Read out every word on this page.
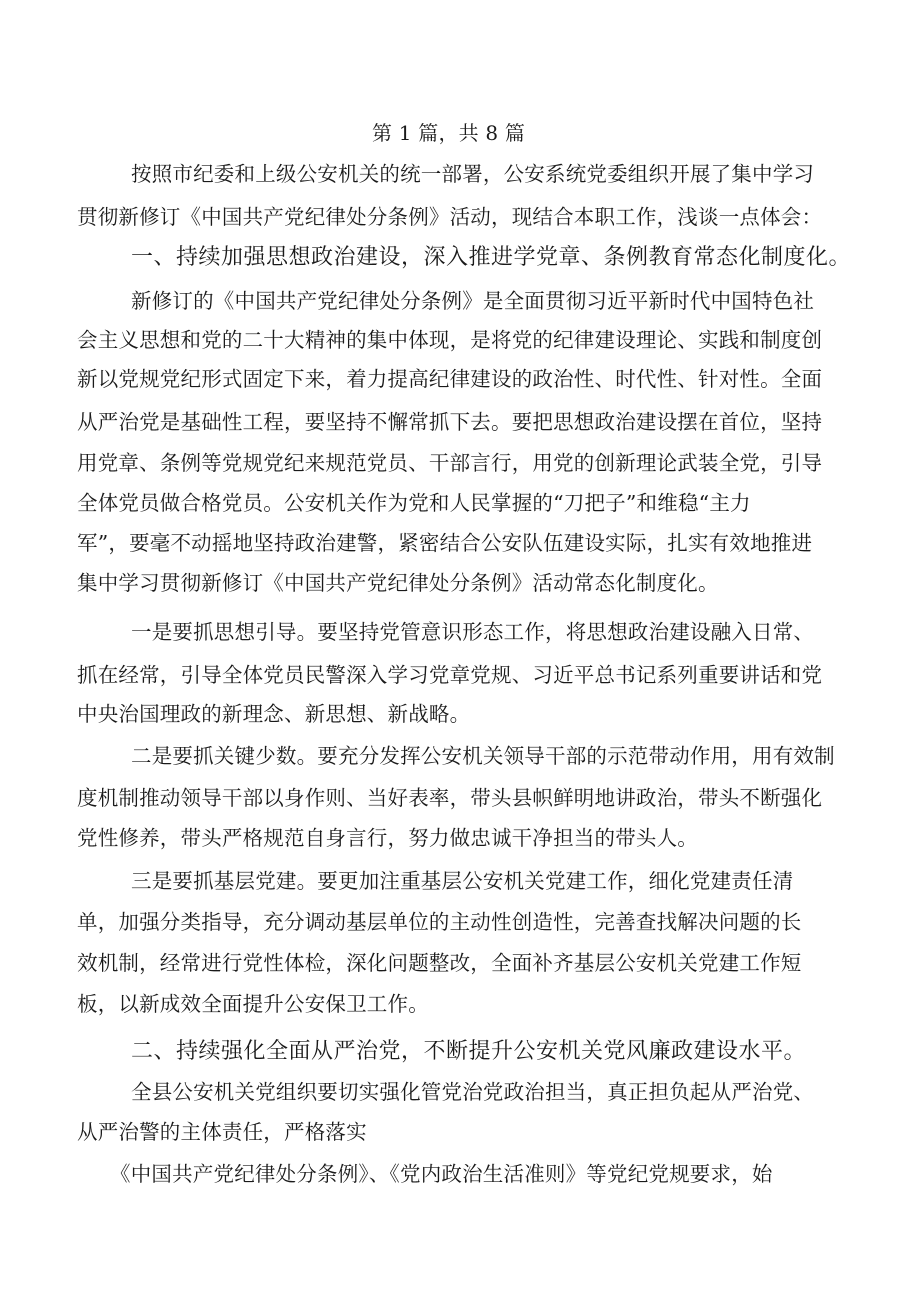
第 1 篇，共 8 篇
按照市纪委和上级公安机关的统一部署，公安系统党委组织开展了集中学习
贯彻新修订《中国共产党纪律处分条例》活动，现结合本职工作，浅谈一点体会：
一、持续加强思想政治建设，深入推进学党章、条例教育常态化制度化。
新修订的《中国共产党纪律处分条例》是全面贯彻习近平新时代中国特色社
会主义思想和党的二十大精神的集中体现，是将党的纪律建设理论、实践和制度创
新以党规党纪形式固定下来，着力提高纪律建设的政治性、时代性、针对性。全面
从严治党是基础性工程，要坚持不懈常抓下去。要把思想政治建设摆在首位，坚持
用党章、条例等党规党纪来规范党员、干部言行，用党的创新理论武装全党，引导
全体党员做合格党员。公安机关作为党和人民掌握的“刀把子”和维稳“主力
军”，要毫不动摇地坚持政治建警，紧密结合公安队伍建设实际，扎实有效地推进
集中学习贯彻新修订《中国共产党纪律处分条例》活动常态化制度化。
一是要抓思想引导。要坚持党管意识形态工作，将思想政治建设融入日常、
抓在经常，引导全体党员民警深入学习党章党规、习近平总书记系列重要讲话和党
中央治国理政的新理念、新思想、新战略。
二是要抓关键少数。要充分发挥公安机关领导干部的示范带动作用，用有效制
度机制推动领导干部以身作则、当好表率，带头县帜鲜明地讲政治，带头不断强化
党性修养，带头严格规范自身言行，努力做忠诚干净担当的带头人。
三是要抓基层党建。要更加注重基层公安机关党建工作，细化党建责任清
单，加强分类指导，充分调动基层单位的主动性创造性，完善查找解决问题的长
效机制，经常进行党性体检，深化问题整改，全面补齐基层公安机关党建工作短
板，以新成效全面提升公安保卫工作。
二、持续强化全面从严治党，不断提升公安机关党风廉政建设水平。
全县公安机关党组织要切实强化管党治党政治担当，真正担负起从严治党、
从严治警的主体责任，严格落实
《中国共产党纪律处分条例》、《党内政治生活准则》等党纪党规要求，始
